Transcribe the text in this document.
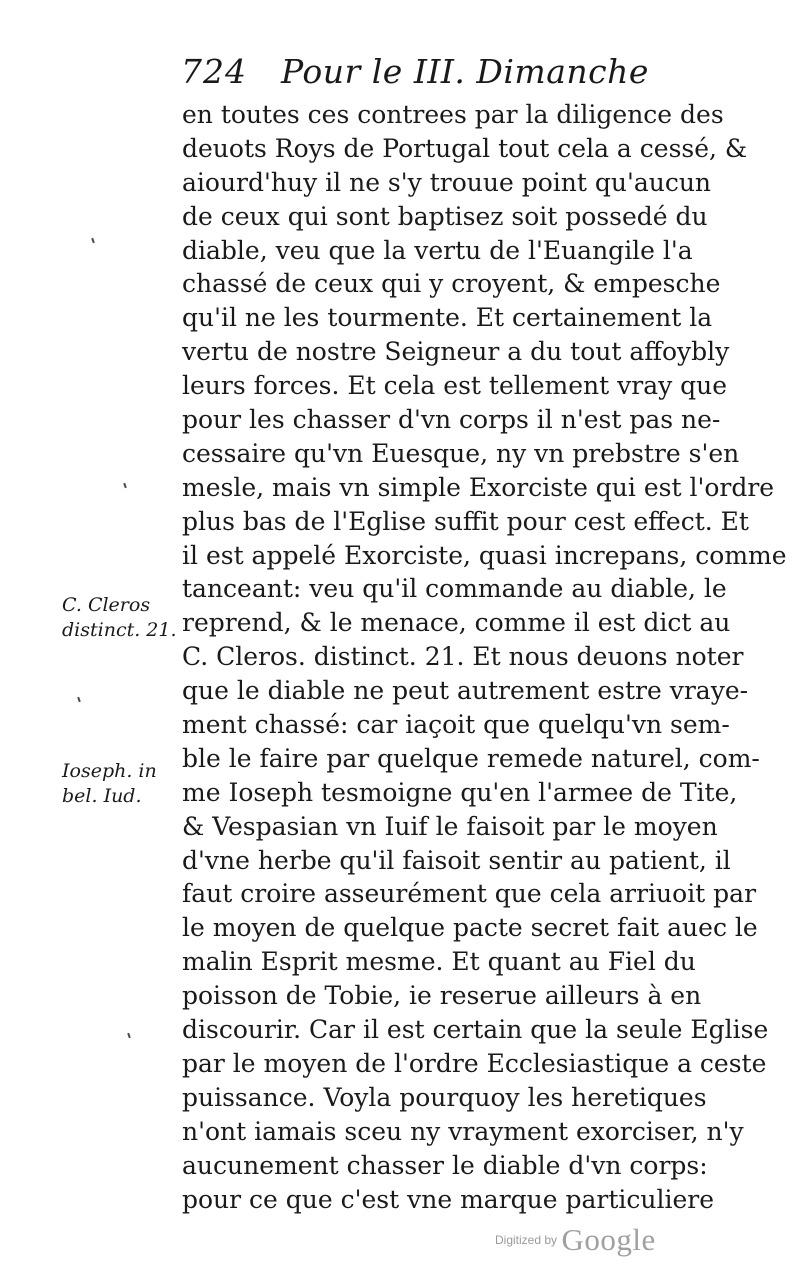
724 Pour le III. Dimanche
en toutes ces contrees par la diligence des
deuots Roys de Portugal tout cela a cessé, &
aiourd'huy il ne s'y trouue point qu'aucun
de ceux qui sont baptisez soit possedé du
diable, veu que la vertu de l'Euangile l'a
chassé de ceux qui y croyent, & empesche
qu'il ne les tourmente. Et certainement la
vertu de nostre Seigneur a du tout affoybly
leurs forces. Et cela est tellement vray que
pour les chasser d'vn corps il n'est pas ne-
cessaire qu'vn Euesque, ny vn prebstre s'en
mesle, mais vn simple Exorciste qui est l'ordre
plus bas de l'Eglise suffit pour cest effect. Et
il est appelé Exorciste, quasi increpans, comme
tanceant: veu qu'il commande au diable, le
reprend, & le menace, comme il est dict au
C. Cleros. distinct. 21. Et nous deuons noter
que le diable ne peut autrement estre vraye-
ment chassé: car iaçoit que quelqu'vn sem-
ble le faire par quelque remede naturel, com-
me Ioseph tesmoigne qu'en l'armee de Tite,
& Vespasian vn Iuif le faisoit par le moyen
d'vne herbe qu'il faisoit sentir au patient, il
faut croire asseurément que cela arriuoit par
le moyen de quelque pacte secret fait auec le
malin Esprit mesme. Et quant au Fiel du
poisson de Tobie, ie reserue ailleurs à en
discourir. Car il est certain que la seule Eglise
par le moyen de l'ordre Ecclesiastique a ceste
puissance. Voyla pourquoy les heretiques
n'ont iamais sceu ny vrayment exorciser, n'y
aucunement chasser le diable d'vn corps:
pour ce que c'est vne marque particuliere
C. Cleros
distinct. 21.
Ioseph. in
bel. Iud.
Digitized by Google
